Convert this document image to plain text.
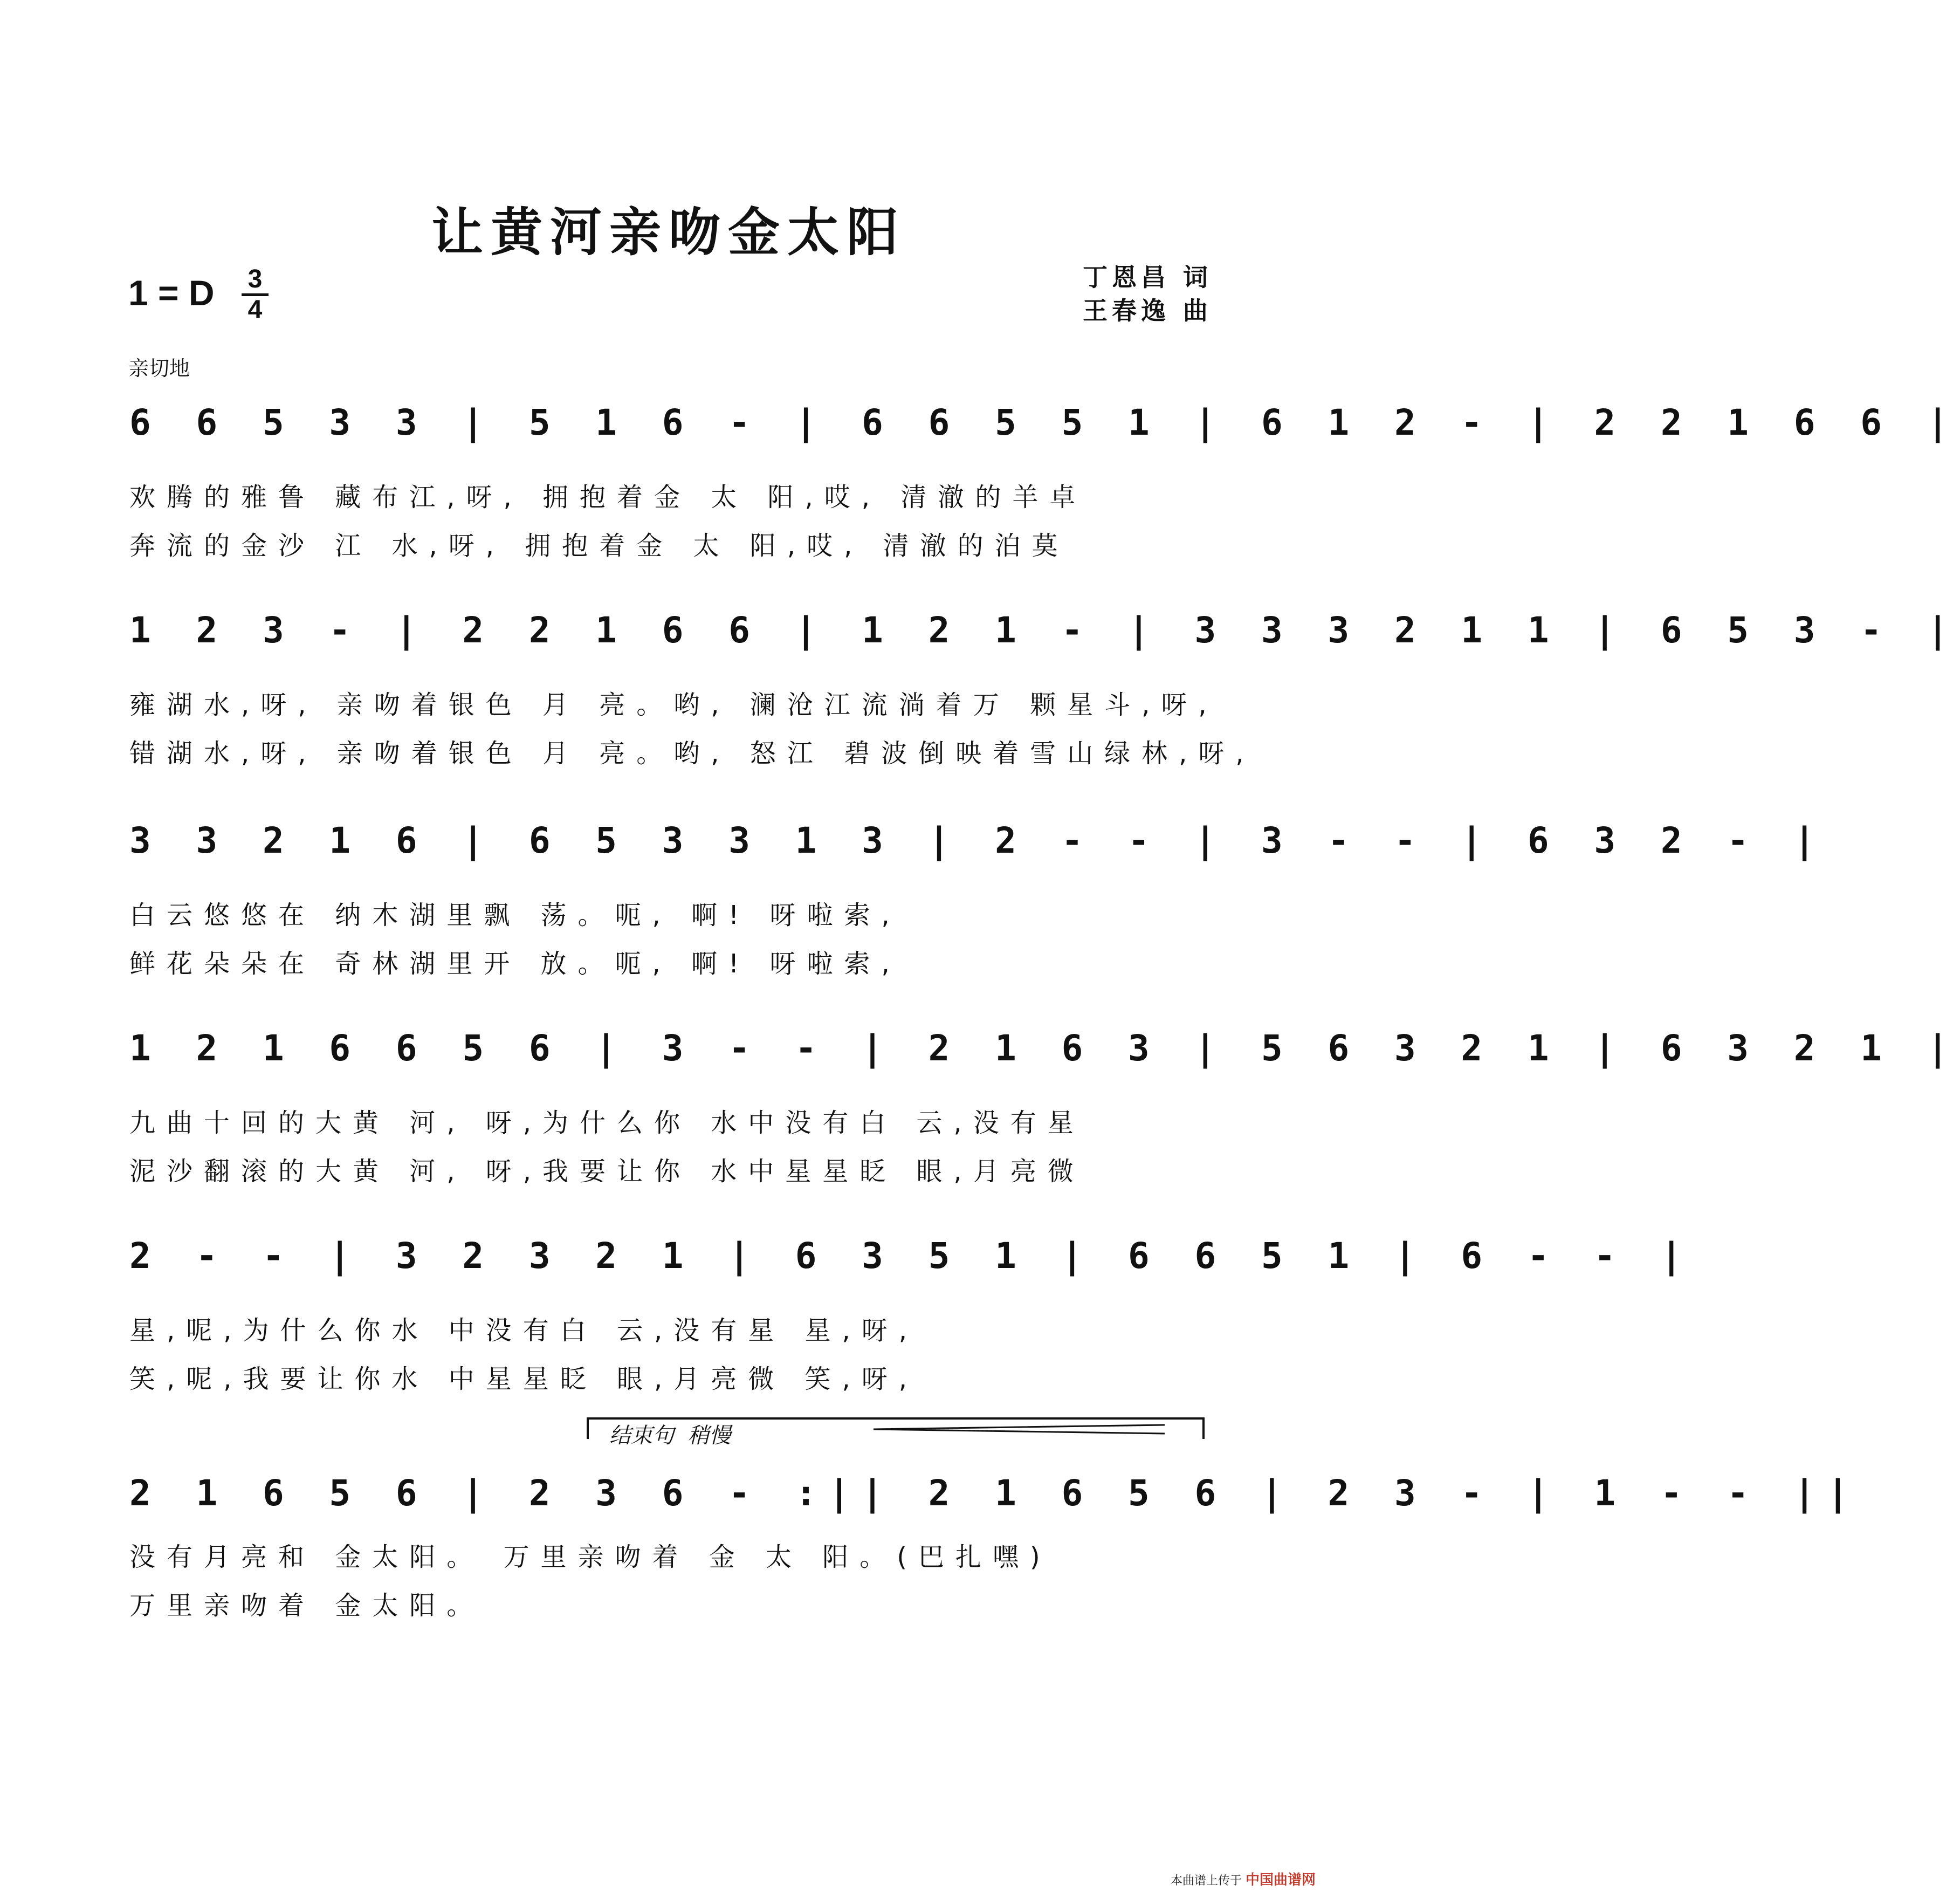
让黄河亲吻金太阳
1 = D 3
4
丁恩昌 词
王春逸 曲
亲切地
6 6 5 3 3 | 5 1 6 - | 6 6 5 5 1 | 6 1 2 - | 2 2 1 6 6 |
欢腾的雅鲁 藏布江,呀, 拥抱着金 太 阳,哎, 清澈的羊卓
奔流的金沙 江 水,呀, 拥抱着金 太 阳,哎, 清澈的泊莫
1 2 3 - | 2 2 1 6 6 | 1 2 1 - | 3 3 3 2 1 1 | 6 5 3 - |
雍湖水,呀, 亲吻着银色 月 亮。哟, 澜沧江流淌着万 颗星斗,呀,
错湖水,呀, 亲吻着银色 月 亮。哟, 怒江 碧波倒映着雪山绿林,呀,
3 3 2 1 6 | 6 5 3 3 1 3 | 2 - - | 3 - - | 6 3 2 - |
白云悠悠在 纳木湖里飘 荡。呃, 啊! 呀啦索,
鲜花朵朵在 奇林湖里开 放。呃, 啊! 呀啦索,
1 2 1 6 6 5 6 | 3 - - | 2 1 6 3 | 5 6 3 2 1 | 6 3 2 1 |
九曲十回的大黄 河, 呀,为什么你 水中没有白 云,没有星
泥沙翻滚的大黄 河, 呀,我要让你 水中星星眨 眼,月亮微
2 - - | 3 2 3 2 1 | 6 3 5 1 | 6 6 5 1 | 6 - - |
星,呢,为什么你水 中没有白 云,没有星 星,呀,
笑,呢,我要让你水 中星星眨 眼,月亮微 笑,呀,
结束句  稍慢
2 1 6 5 6 | 2 3 6 - :|| 2 1 6 5 6 | 2 3 - | 1 - - ||
没有月亮和 金太阳。 万里亲吻着 金 太 阳。(巴扎嘿)
万里亲吻着 金太阳。
本曲谱上传于 中国曲谱网
